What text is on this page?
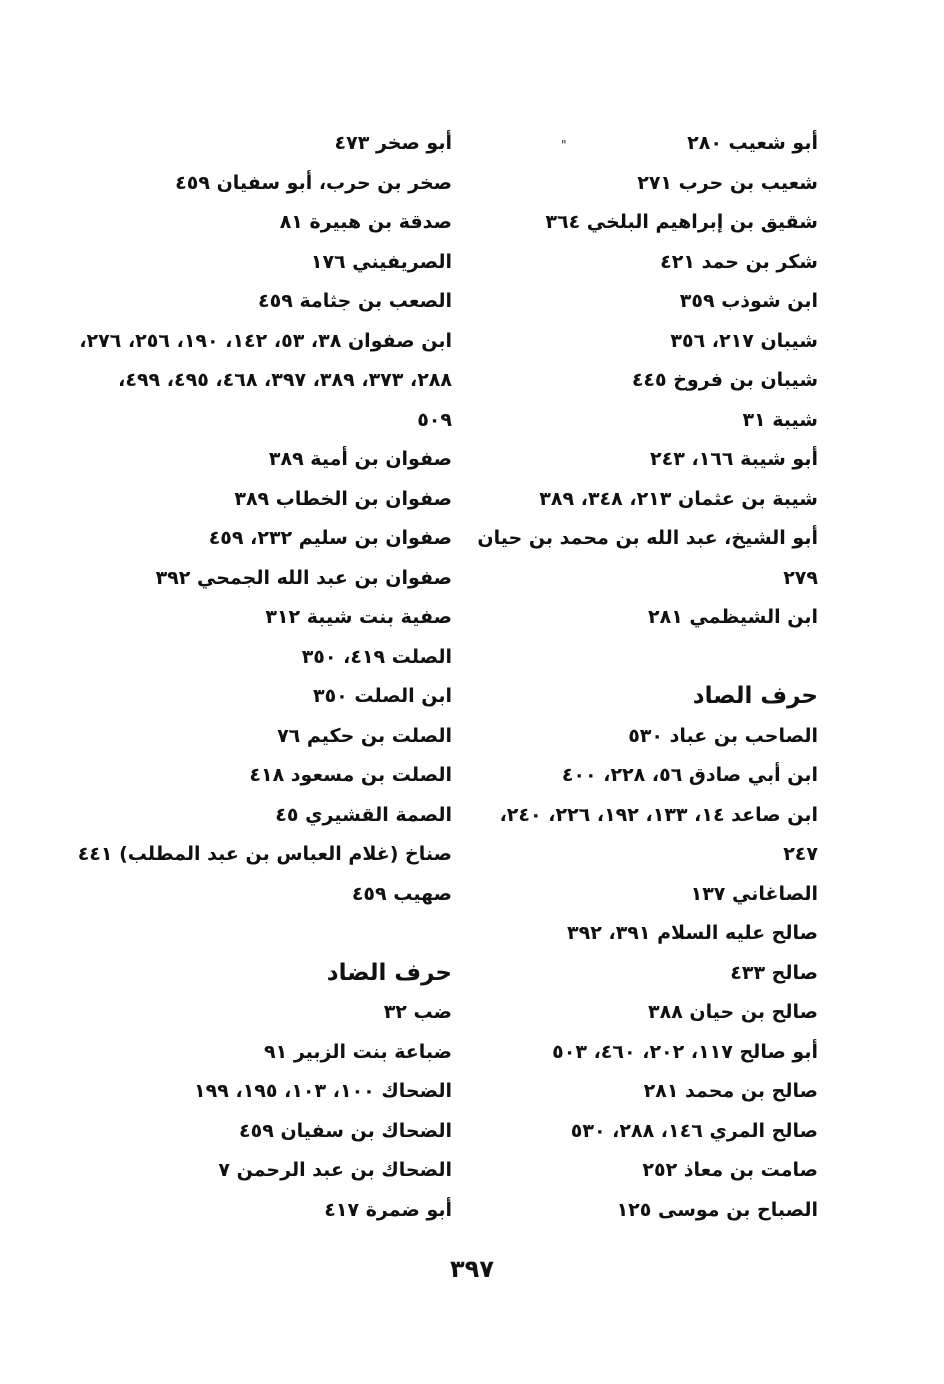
"	أبو شعيب ٢٨٠
شعيب بن حرب ٢٧١
شقيق بن إبراهيم البلخي ٣٦٤
شكر بن حمد ٤٢١
ابن شوذب ٣٥٩
شيبان ٢١٧، ٣٥٦
شيبان بن فروخ ٤٤٥
شيبة ٣١
أبو شيبة ١٦٦، ٢٤٣
شيبة بن عثمان ٢١٣، ٣٤٨، ٣٨٩
أبو الشيخ، عبد الله بن محمد بن حيان
٢٧٩
ابن الشيظمي ٢٨١
حرف الصاد
الصاحب بن عباد ٥٣٠
ابن أبي صادق ٥٦، ٢٢٨، ٤٠٠
ابن صاعد ١٤، ١٣٣، ١٩٢، ٢٢٦، ٢٤٠،
٢٤٧
الصاغاني ١٣٧
صالح عليه السلام ٣٩١، ٣٩٢
صالح ٤٣٣
صالح بن حيان ٣٨٨
أبو صالح ١١٧، ٢٠٢، ٤٦٠، ٥٠٣
صالح بن محمد ٢٨١
صالح المري ١٤٦، ٢٨٨، ٥٣٠
صامت بن معاذ ٢٥٢
الصباح بن موسى ١٢٥
أبو صخر ٤٧٣
صخر بن حرب، أبو سفيان ٤٥٩
صدقة بن هبيرة ٨١
الصريفيني ١٧٦
الصعب بن جثامة ٤٥٩
ابن صفوان ٣٨، ٥٣، ١٤٢، ١٩٠، ٢٥٦، ٢٧٦،
٢٨٨، ٣٧٣، ٣٨٩، ٣٩٧، ٤٦٨، ٤٩٥، ٤٩٩،
٥٠٩
صفوان بن أمية ٣٨٩
صفوان بن الخطاب ٣٨٩
صفوان بن سليم ٢٣٢، ٤٥٩
صفوان بن عبد الله الجمحي ٣٩٢
صفية بنت شيبة ٣١٢
الصلت ٤١٩، ٣٥٠
ابن الصلت ٣٥٠
الصلت بن حكيم ٧٦
الصلت بن مسعود ٤١٨
الصمة القشيري ٤٥
صناخ (غلام العباس بن عبد المطلب) ٤٤١
صهيب ٤٥٩
حرف الضاد
ضب ٣٢
ضباعة بنت الزبير ٩١
الضحاك ١٠٠، ١٠٣، ١٩٥، ١٩٩
الضحاك بن سفيان ٤٥٩
الضحاك بن عبد الرحمن ٧
أبو ضمرة ٤١٧
٣٩٧
